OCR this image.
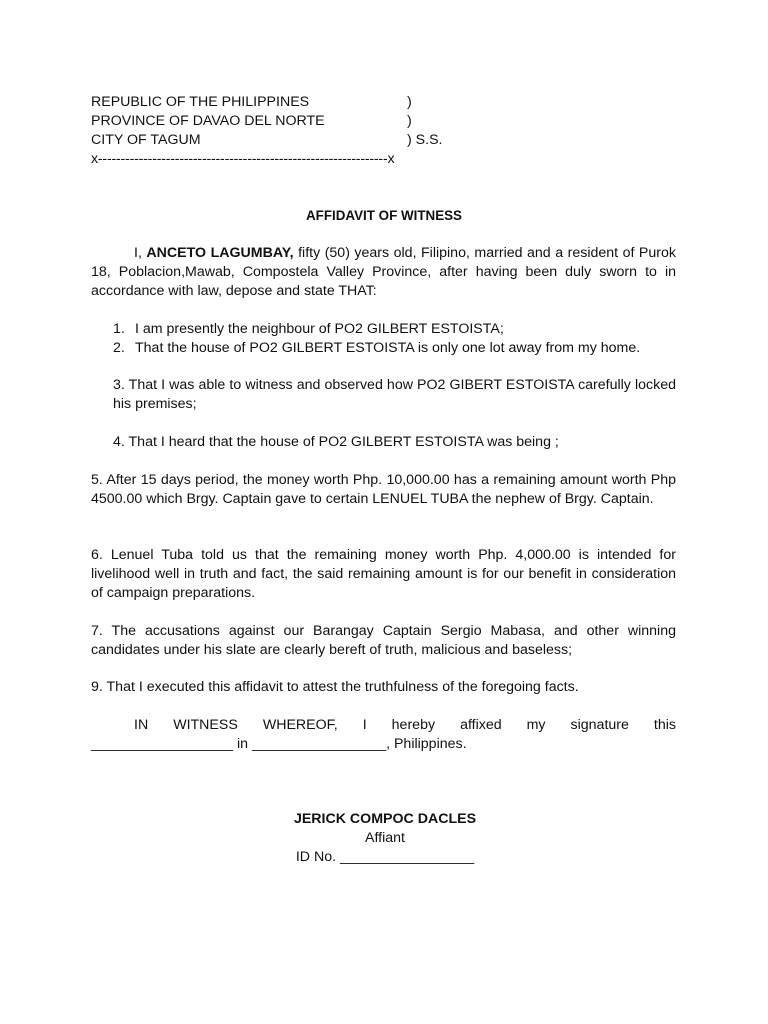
REPUBLIC OF THE PHILIPPINES
PROVINCE OF DAVAO DEL NORTE
CITY OF TAGUM
)
)
) S.S.
x----------------------------------------------------------------x
AFFIDAVIT OF WITNESS
I, ANCETO LAGUMBAY, fifty (50) years old, Filipino, married and a resident of Purok 18, Poblacion,Mawab, Compostela Valley Province, after having been duly sworn to in accordance with law, depose and state THAT:
1. I am presently the neighbour of PO2 GILBERT ESTOISTA;
2. That the house of PO2 GILBERT ESTOISTA is only one lot away from my home.
3. That I was able to witness and observed how PO2 GIBERT ESTOISTA carefully locked his premises;
4. That I heard that the house of PO2 GILBERT ESTOISTA was being ;
5. After 15 days period, the money worth Php. 10,000.00 has a remaining amount worth Php 4500.00 which Brgy. Captain gave to certain LENUEL TUBA the nephew of Brgy. Captain.
6. Lenuel Tuba told us that the remaining money worth Php. 4,000.00 is intended for livelihood well in truth and fact, the said remaining amount is for our benefit in consideration of campaign preparations.
7. The accusations against our Barangay Captain Sergio Mabasa, and other winning candidates under his slate are clearly bereft of truth, malicious and baseless;
9. That I executed this affidavit to attest the truthfulness of the foregoing facts.
IN WITNESS WHEREOF, I hereby affixed my signature this
__________________ in _________________, Philippines.
JERICK COMPOC DACLES
Affiant
ID No. _________________
